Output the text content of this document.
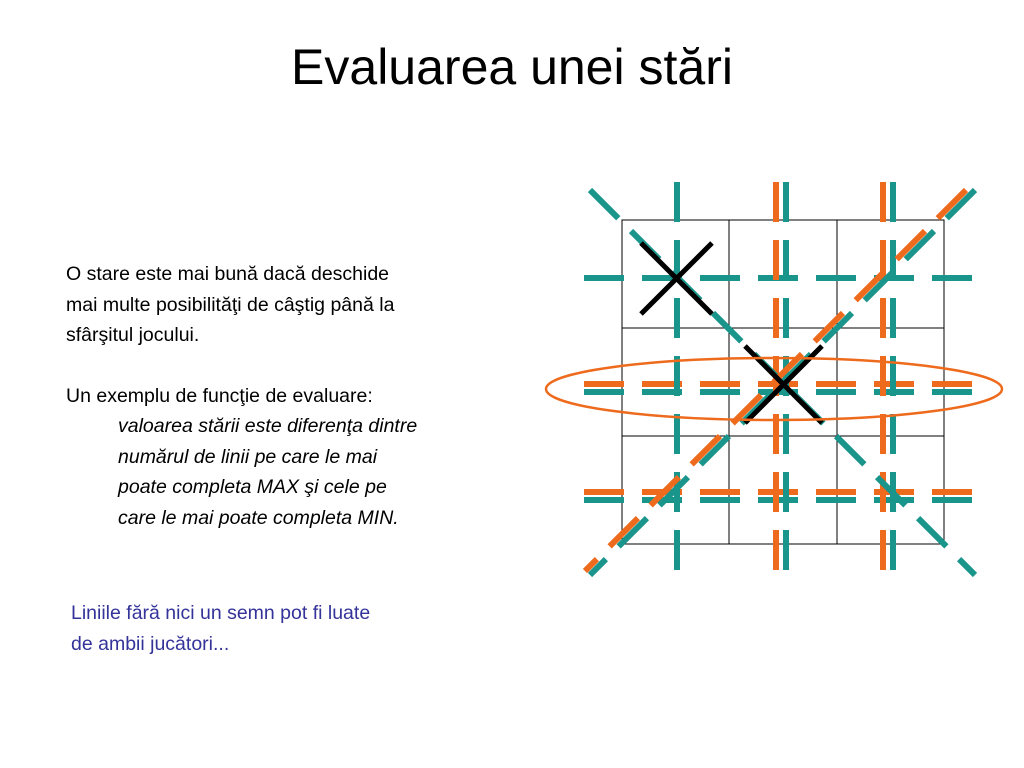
Evaluarea unei stări

O stare este mai bună dacă deschide

mai multe posibilităţi de câştig până la

sfârşitul jocului.

Un exemplu de funcţie de evaluare:

valoarea stării este diferenţa dintre

numărul de linii pe care le mai

poate completa MAX şi cele pe

care le mai poate completa MIN.

Liniile fără nici un semn pot fi luate

de ambii jucători...
